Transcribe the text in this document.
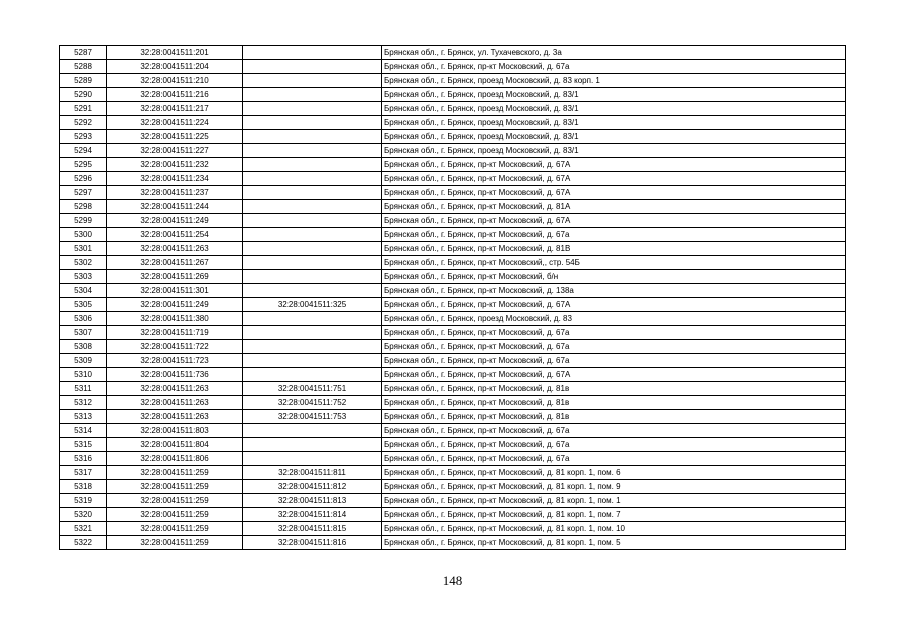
5287	32:28:0041511:201		Брянская обл., г. Брянск, ул. Тухачевского, д. 3а
5288	32:28:0041511:204		Брянская обл., г. Брянск, пр-кт Московский, д. 67а
5289	32:28:0041511:210		Брянская обл., г. Брянск, проезд Московский, д. 83 корп. 1
5290	32:28:0041511:216		Брянская обл., г. Брянск, проезд Московский, д. 83/1
5291	32:28:0041511:217		Брянская обл., г. Брянск, проезд Московский, д. 83/1
5292	32:28:0041511:224		Брянская обл., г. Брянск, проезд Московский, д. 83/1
5293	32:28:0041511:225		Брянская обл., г. Брянск, проезд Московский, д. 83/1
5294	32:28:0041511:227		Брянская обл., г. Брянск, проезд Московский, д. 83/1
5295	32:28:0041511:232		Брянская обл., г. Брянск, пр-кт Московский, д. 67А
5296	32:28:0041511:234		Брянская обл., г. Брянск, пр-кт Московский, д. 67А
5297	32:28:0041511:237		Брянская обл., г. Брянск, пр-кт Московский, д. 67А
5298	32:28:0041511:244		Брянская обл., г. Брянск, пр-кт Московский, д. 81А
5299	32:28:0041511:249		Брянская обл., г. Брянск, пр-кт Московский, д. 67А
5300	32:28:0041511:254		Брянская обл., г. Брянск, пр-кт Московский, д. 67а
5301	32:28:0041511:263		Брянская обл., г. Брянск, пр-кт Московский, д. 81В
5302	32:28:0041511:267		Брянская обл., г. Брянск, пр-кт Московский,, стр. 54Б
5303	32:28:0041511:269		Брянская обл., г. Брянск, пр-кт Московский, б/н
5304	32:28:0041511:301		Брянская обл., г. Брянск, пр-кт Московский, д. 138а
5305	32:28:0041511:249	32:28:0041511:325	Брянская обл., г. Брянск, пр-кт Московский, д. 67А
5306	32:28:0041511:380		Брянская обл., г. Брянск, проезд Московский, д. 83
5307	32:28:0041511:719		Брянская обл., г. Брянск, пр-кт Московский, д. 67а
5308	32:28:0041511:722		Брянская обл., г. Брянск, пр-кт Московский, д. 67а
5309	32:28:0041511:723		Брянская обл., г. Брянск, пр-кт Московский, д. 67а
5310	32:28:0041511:736		Брянская обл., г. Брянск, пр-кт Московский, д. 67А
5311	32:28:0041511:263	32:28:0041511:751	Брянская обл., г. Брянск, пр-кт Московский, д. 81в
5312	32:28:0041511:263	32:28:0041511:752	Брянская обл., г. Брянск, пр-кт Московский, д. 81в
5313	32:28:0041511:263	32:28:0041511:753	Брянская обл., г. Брянск, пр-кт Московский, д. 81в
5314	32:28:0041511:803		Брянская обл., г. Брянск, пр-кт Московский, д. 67а
5315	32:28:0041511:804		Брянская обл., г. Брянск, пр-кт Московский, д. 67а
5316	32:28:0041511:806		Брянская обл., г. Брянск, пр-кт Московский, д. 67а
5317	32:28:0041511:259	32:28:0041511:811	Брянская обл., г. Брянск, пр-кт Московский, д. 81 корп. 1, пом. 6
5318	32:28:0041511:259	32:28:0041511:812	Брянская обл., г. Брянск, пр-кт Московский, д. 81 корп. 1, пом. 9
5319	32:28:0041511:259	32:28:0041511:813	Брянская обл., г. Брянск, пр-кт Московский, д. 81 корп. 1, пом. 1
5320	32:28:0041511:259	32:28:0041511:814	Брянская обл., г. Брянск, пр-кт Московский, д. 81 корп. 1, пом. 7
5321	32:28:0041511:259	32:28:0041511:815	Брянская обл., г. Брянск, пр-кт Московский, д. 81 корп. 1, пом. 10
5322	32:28:0041511:259	32:28:0041511:816	Брянская обл., г. Брянск, пр-кт Московский, д. 81 корп. 1, пом. 5
148
